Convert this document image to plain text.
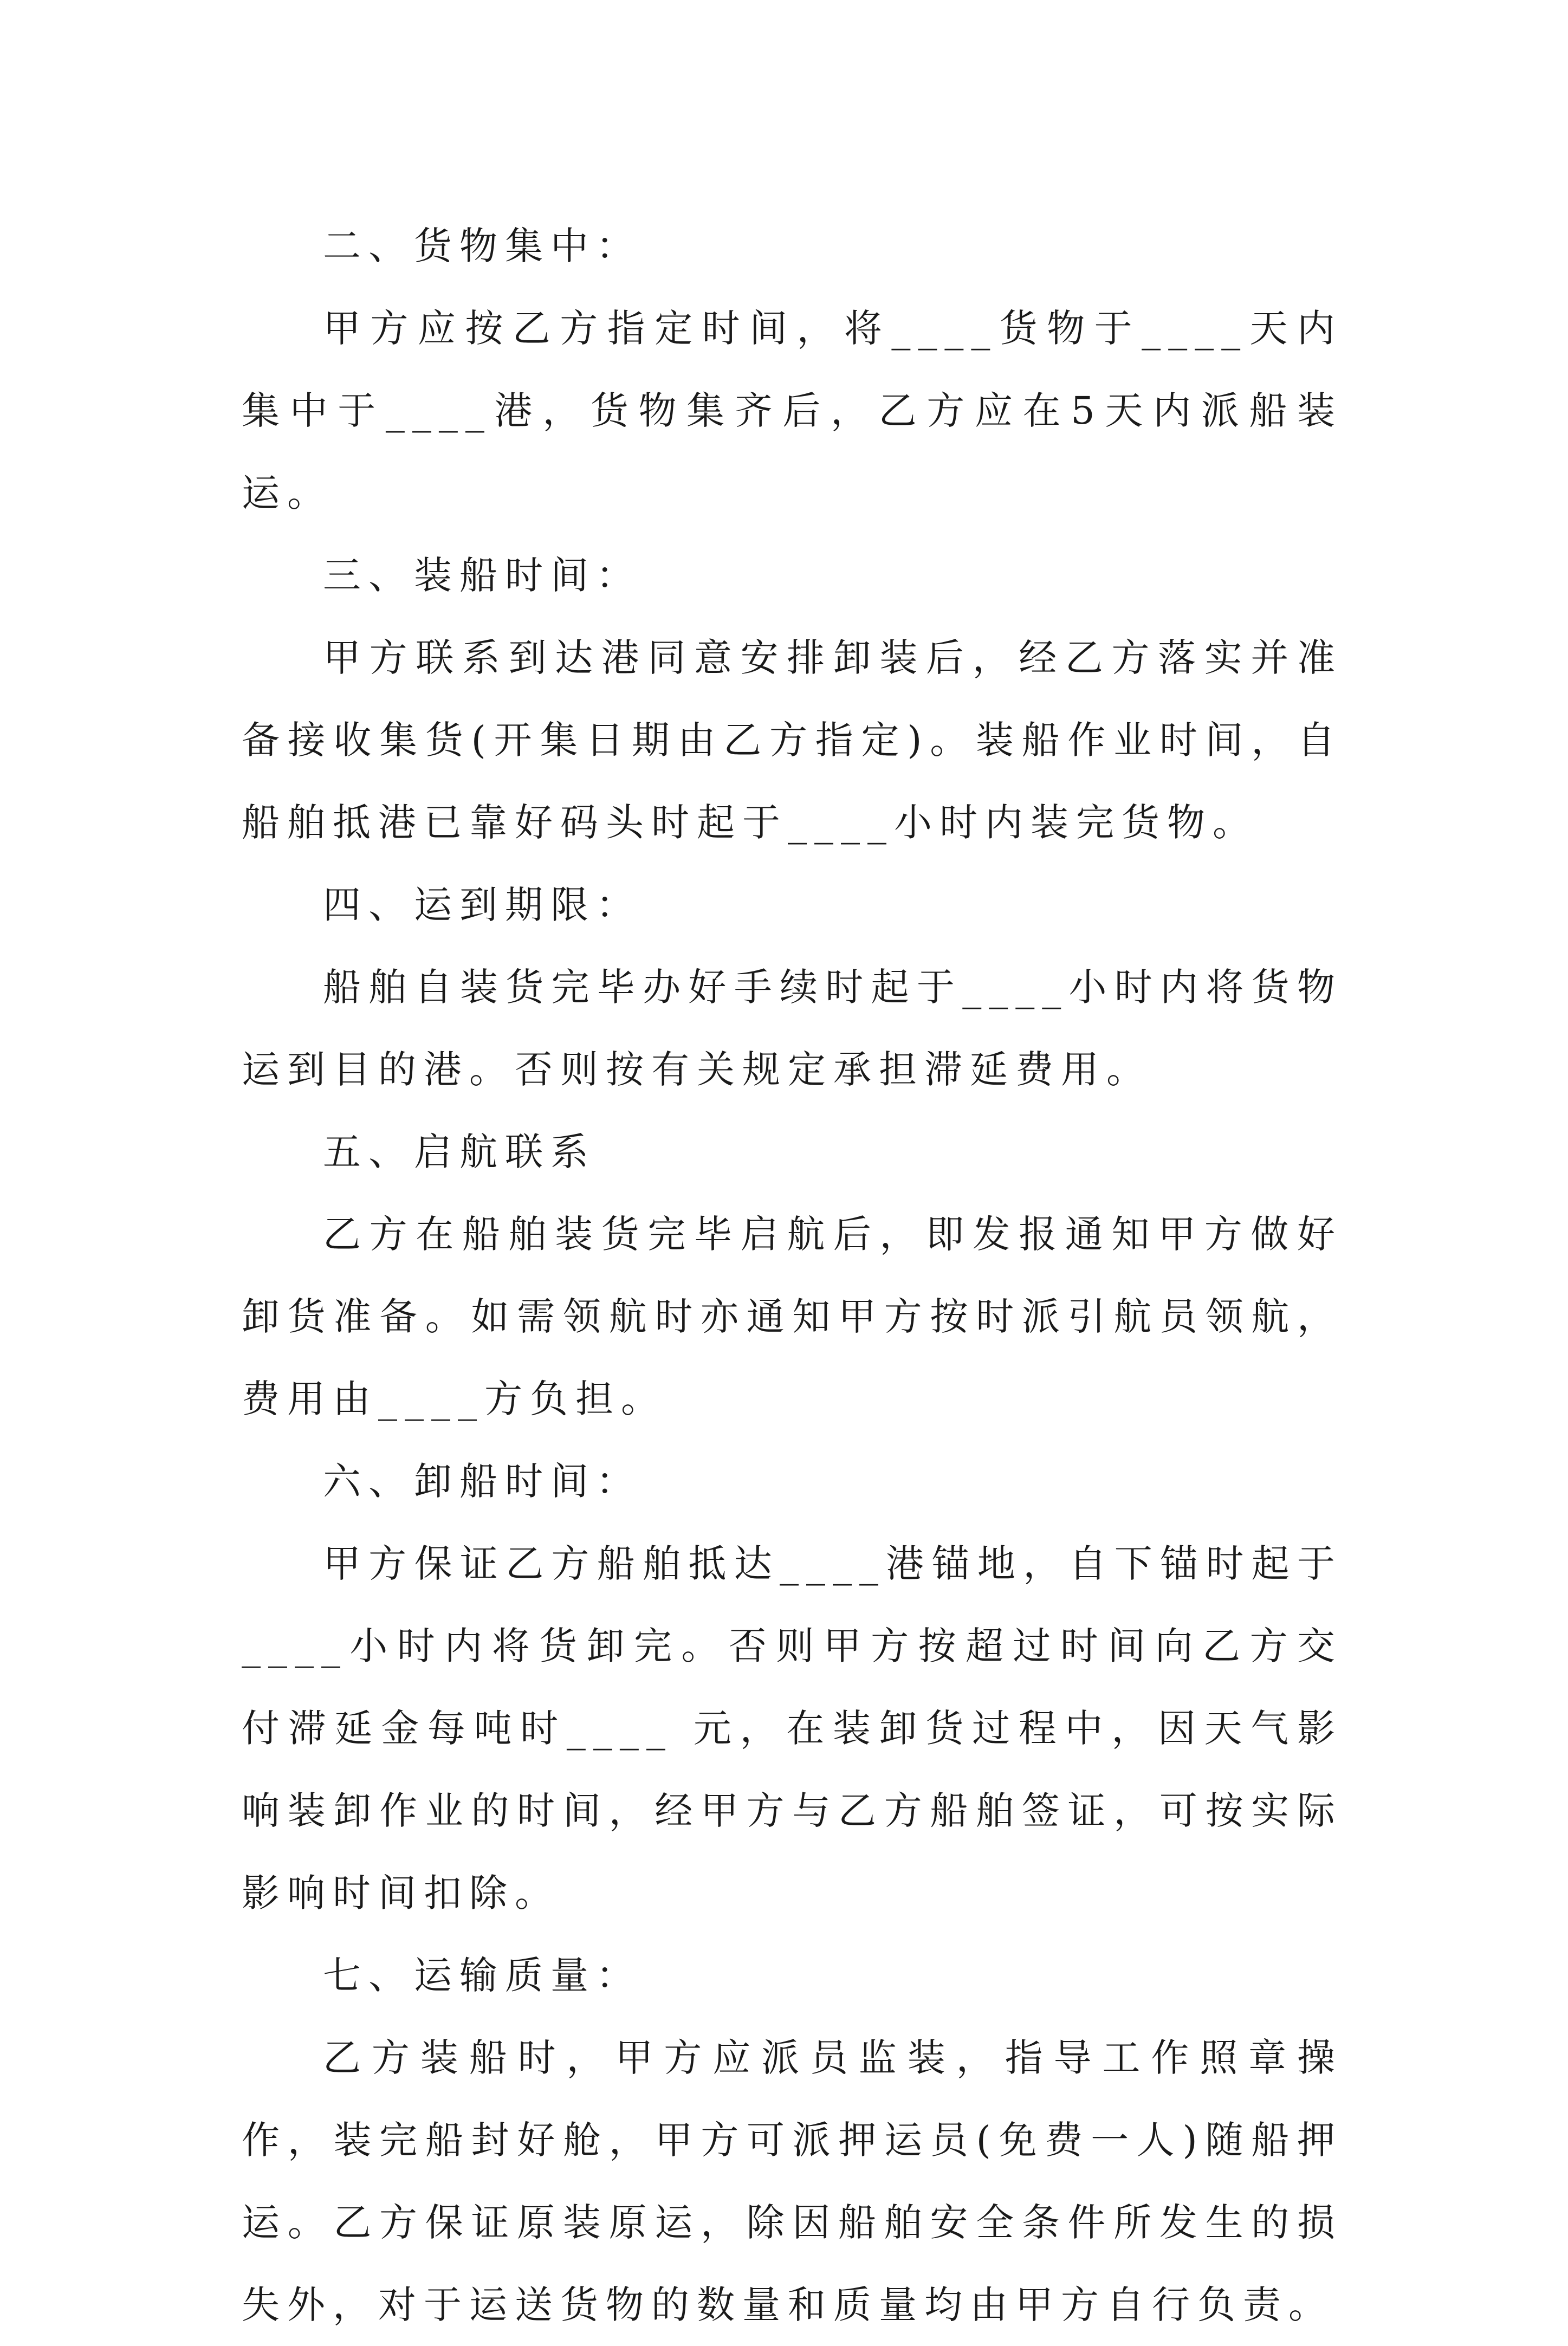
二、货物集中：

甲方应按乙方指定时间，将____货物于____天内集中于____港，货物集齐后，乙方应在5天内派船装运。

三、装船时间：

甲方联系到达港同意安排卸装后，经乙方落实并准备接收集货(开集日期由乙方指定)。装船作业时间，自船舶抵港已靠好码头时起于____小时内装完货物。

四、运到期限：

船舶自装货完毕办好手续时起于____小时内将货物运到目的港。否则按有关规定承担滞延费用。

五、启航联系

乙方在船舶装货完毕启航后，即发报通知甲方做好卸货准备。如需领航时亦通知甲方按时派引航员领航，费用由____方负担。

六、卸船时间：

甲方保证乙方船舶抵达____港锚地，自下锚时起于____小时内将货卸完。否则甲方按超过时间向乙方交付滞延金每吨时____ 元，在装卸货过程中，因天气影响装卸作业的时间，经甲方与乙方船舶签证，可按实际影响时间扣除。

七、运输质量：

乙方装船时，甲方应派员监装，指导工作照章操作，装完船封好舱，甲方可派押运员(免费一人)随船押运。乙方保证原装原运，除因船舶安全条件所发生的损失外，对于运送货物的数量和质量均由甲方自行负责。
